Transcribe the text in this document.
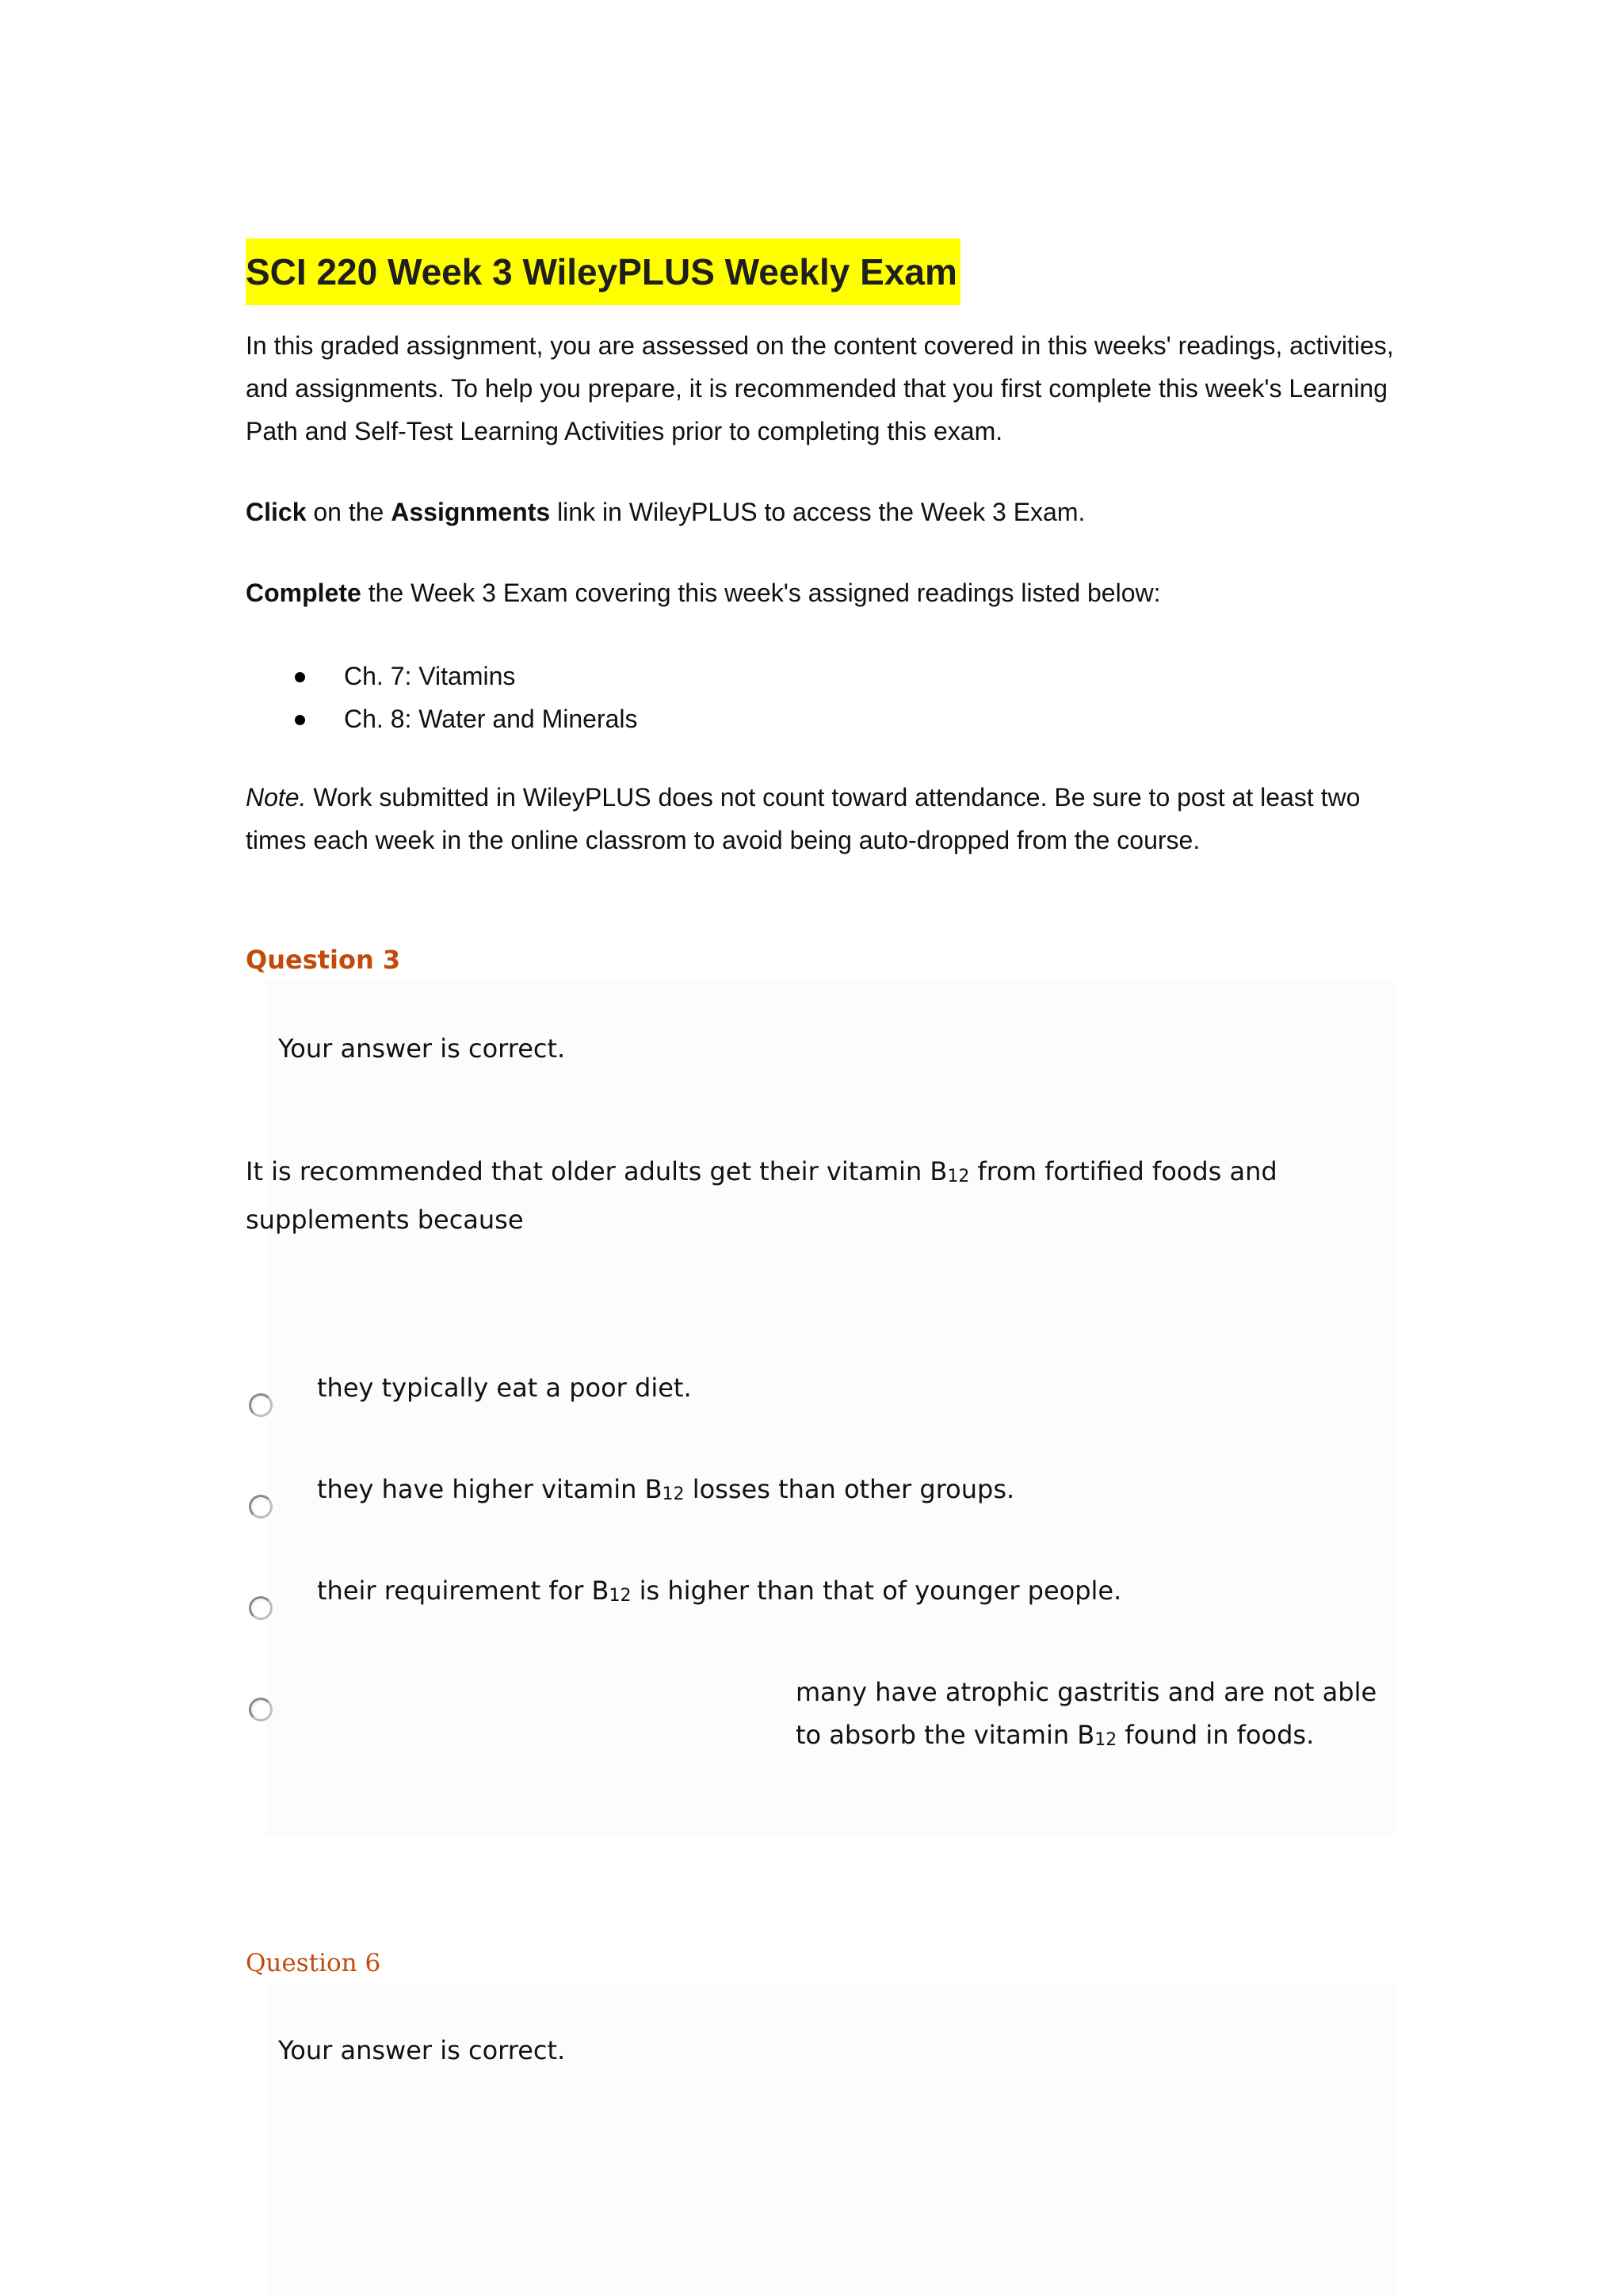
SCI 220 Week 3 WileyPLUS Weekly Exam
In this graded assignment, you are assessed on the content covered in this weeks' readings, activities, and assignments. To help you prepare, it is recommended that you first complete this week's Learning Path and Self-Test Learning Activities prior to completing this exam.
Click on the Assignments link in WileyPLUS to access the Week 3 Exam.
Complete the Week 3 Exam covering this week's assigned readings listed below:
Ch. 7: Vitamins
Ch. 8: Water and Minerals
Note. Work submitted in WileyPLUS does not count toward attendance. Be sure to post at least two times each week in the online classrom to avoid being auto-dropped from the course.
Question 3
Your answer is correct.
It is recommended that older adults get their vitamin $B_{12}$ from fortified foods and supplements because
they typically eat a poor diet.
they have higher vitamin $B_{12}$ losses than other groups.
their requirement for $B_{12}$ is higher than that of younger people.
many have atrophic gastritis and are not able to absorb the vitamin $B_{12}$ found in foods.
Question 6
Your answer is correct.
